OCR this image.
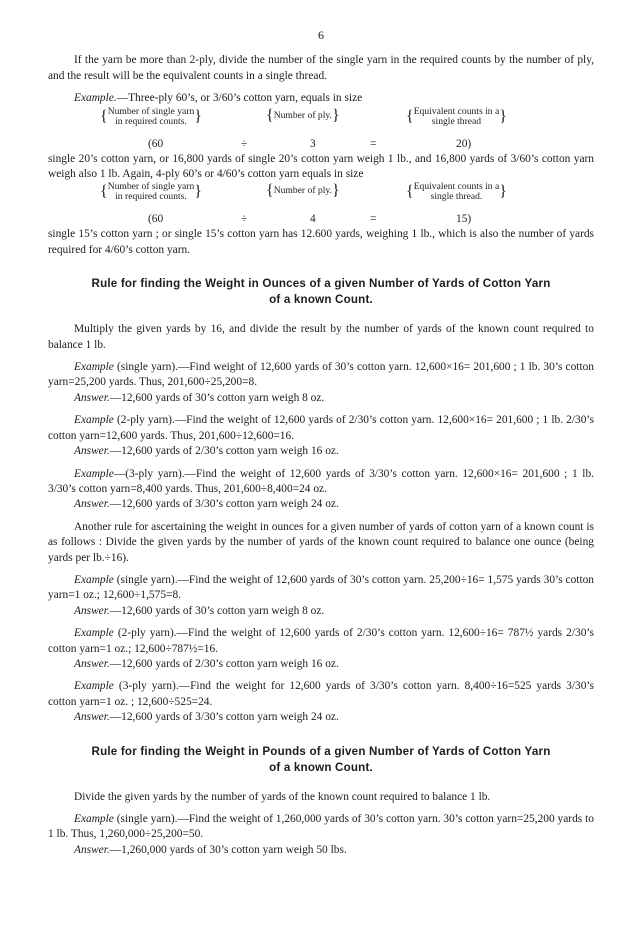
6

If the yarn be more than 2-ply, divide the number of the single yarn in the required counts by the number of ply, and the result will be the equivalent counts in a single thread.

Example.—Three-ply 60’s, or 3/60’s cotton yarn, equals in size

{Number of single yarn
in required counts. }	{Number of ply.}	{Equivalent counts in a
single thread }
(60	÷	3	=	20)

single 20’s cotton yarn, or 16,800 yards of single 20’s cotton yarn weigh 1 lb., and 16,800 yards of 3/60’s cotton yarn weigh also 1 lb. Again, 4-ply 60’s or 4/60’s cotton yarn equals in size

{Number of single yarn
in required counts. }	{Number of ply.}	{Equivalent counts in a
single thread. }
(60	÷	4	=	15)

single 15’s cotton yarn ; or single 15’s cotton yarn has 12.600 yards, weighing 1 lb., which is also the number of yards required for 4/60’s cotton yarn.

Rule for finding the Weight in Ounces of a given Number of Yards of Cotton Yarn
of a known Count.

Multiply the given yards by 16, and divide the result by the number of yards of the known count required to balance 1 lb.

Example (single yarn).—Find weight of 12,600 yards of 30’s cotton yarn. 12,600×16= 201,600 ; 1 lb. 30’s cotton yarn=25,200 yards. Thus, 201,600÷25,200=8.

Answer.—12,600 yards of 30’s cotton yarn weigh 8 oz.

Example (2-ply yarn).—Find the weight of 12,600 yards of 2/30’s cotton yarn. 12,600×16= 201,600 ; 1 lb. 2/30’s cotton yarn=12,600 yards. Thus, 201,600÷12,600=16.

Answer.—12,600 yards of 2/30’s cotton yarn weigh 16 oz.

Example—(3-ply yarn).—Find the weight of 12,600 yards of 3/30’s cotton yarn. 12,600×16= 201,600 ; 1 lb. 3/30’s cotton yarn=8,400 yards. Thus, 201,600÷8,400=24 oz.

Answer.—12,600 yards of 3/30’s cotton yarn weigh 24 oz.

Another rule for ascertaining the weight in ounces for a given number of yards of cotton yarn of a known count is as follows : Divide the given yards by the number of yards of the known count required to balance one ounce (being yards per lb.÷16).

Example (single yarn).—Find the weight of 12,600 yards of 30’s cotton yarn. 25,200÷16= 1,575 yards 30’s cotton yarn=1 oz.; 12,600÷1,575=8.

Answer.—12,600 yards of 30’s cotton yarn weigh 8 oz.

Example (2-ply yarn).—Find the weight of 12,600 yards of 2/30’s cotton yarn. 12,600÷16= 787½ yards 2/30’s cotton yarn=1 oz.; 12,600÷787½=16.

Answer.—12,600 yards of 2/30’s cotton yarn weigh 16 oz.

Example (3-ply yarn).—Find the weight for 12,600 yards of 3/30’s cotton yarn. 8,400÷16=525 yards 3/30’s cotton yarn=1 oz. ; 12,600÷525=24.

Answer.—12,600 yards of 3/30’s cotton yarn weigh 24 oz.

Rule for finding the Weight in Pounds of a given Number of Yards of Cotton Yarn
of a known Count.

Divide the given yards by the number of yards of the known count required to balance 1 lb.

Example (single yarn).—Find the weight of 1,260,000 yards of 30’s cotton yarn. 30’s cotton yarn=25,200 yards to 1 lb. Thus, 1,260,000÷25,200=50.

Answer.—1,260,000 yards of 30’s cotton yarn weigh 50 lbs.
